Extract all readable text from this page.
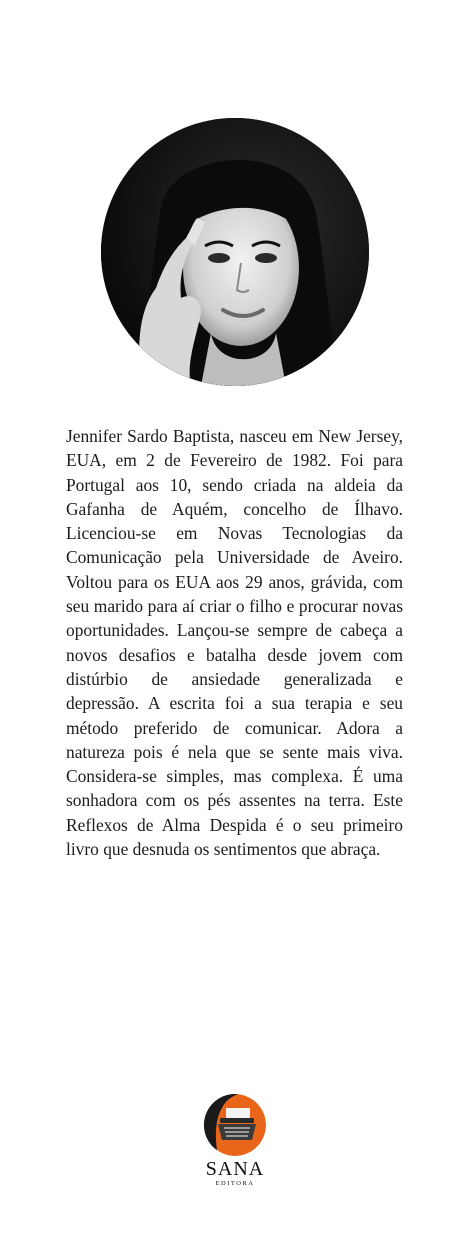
Jennifer Sardo Baptista, nasceu em New Jersey, EUA, em 2 de Fevereiro de 1982. Foi para Portugal aos 10, sendo criada na aldeia da Gafanha de Aquém, concelho de Ílhavo. Licenciou-se em Novas Tecnologias da Comunicação pela Universidade de Aveiro. Voltou para os EUA aos 29 anos, grávida, com seu marido para aí criar o filho e procurar novas oportunidades. Lançou-se sempre de cabeça a novos desafios e batalha desde jovem com distúrbio de ansiedade generalizada e depressão. A escrita foi a sua terapia e seu método preferido de comunicar. Adora a natureza pois é nela que se sente mais viva. Considera-se simples, mas complexa. É uma sonhadora com os pés assentes na terra. Este Reflexos de Alma Despida é o seu primeiro livro que desnuda os sentimentos que abraça.

SANA
EDITORA
